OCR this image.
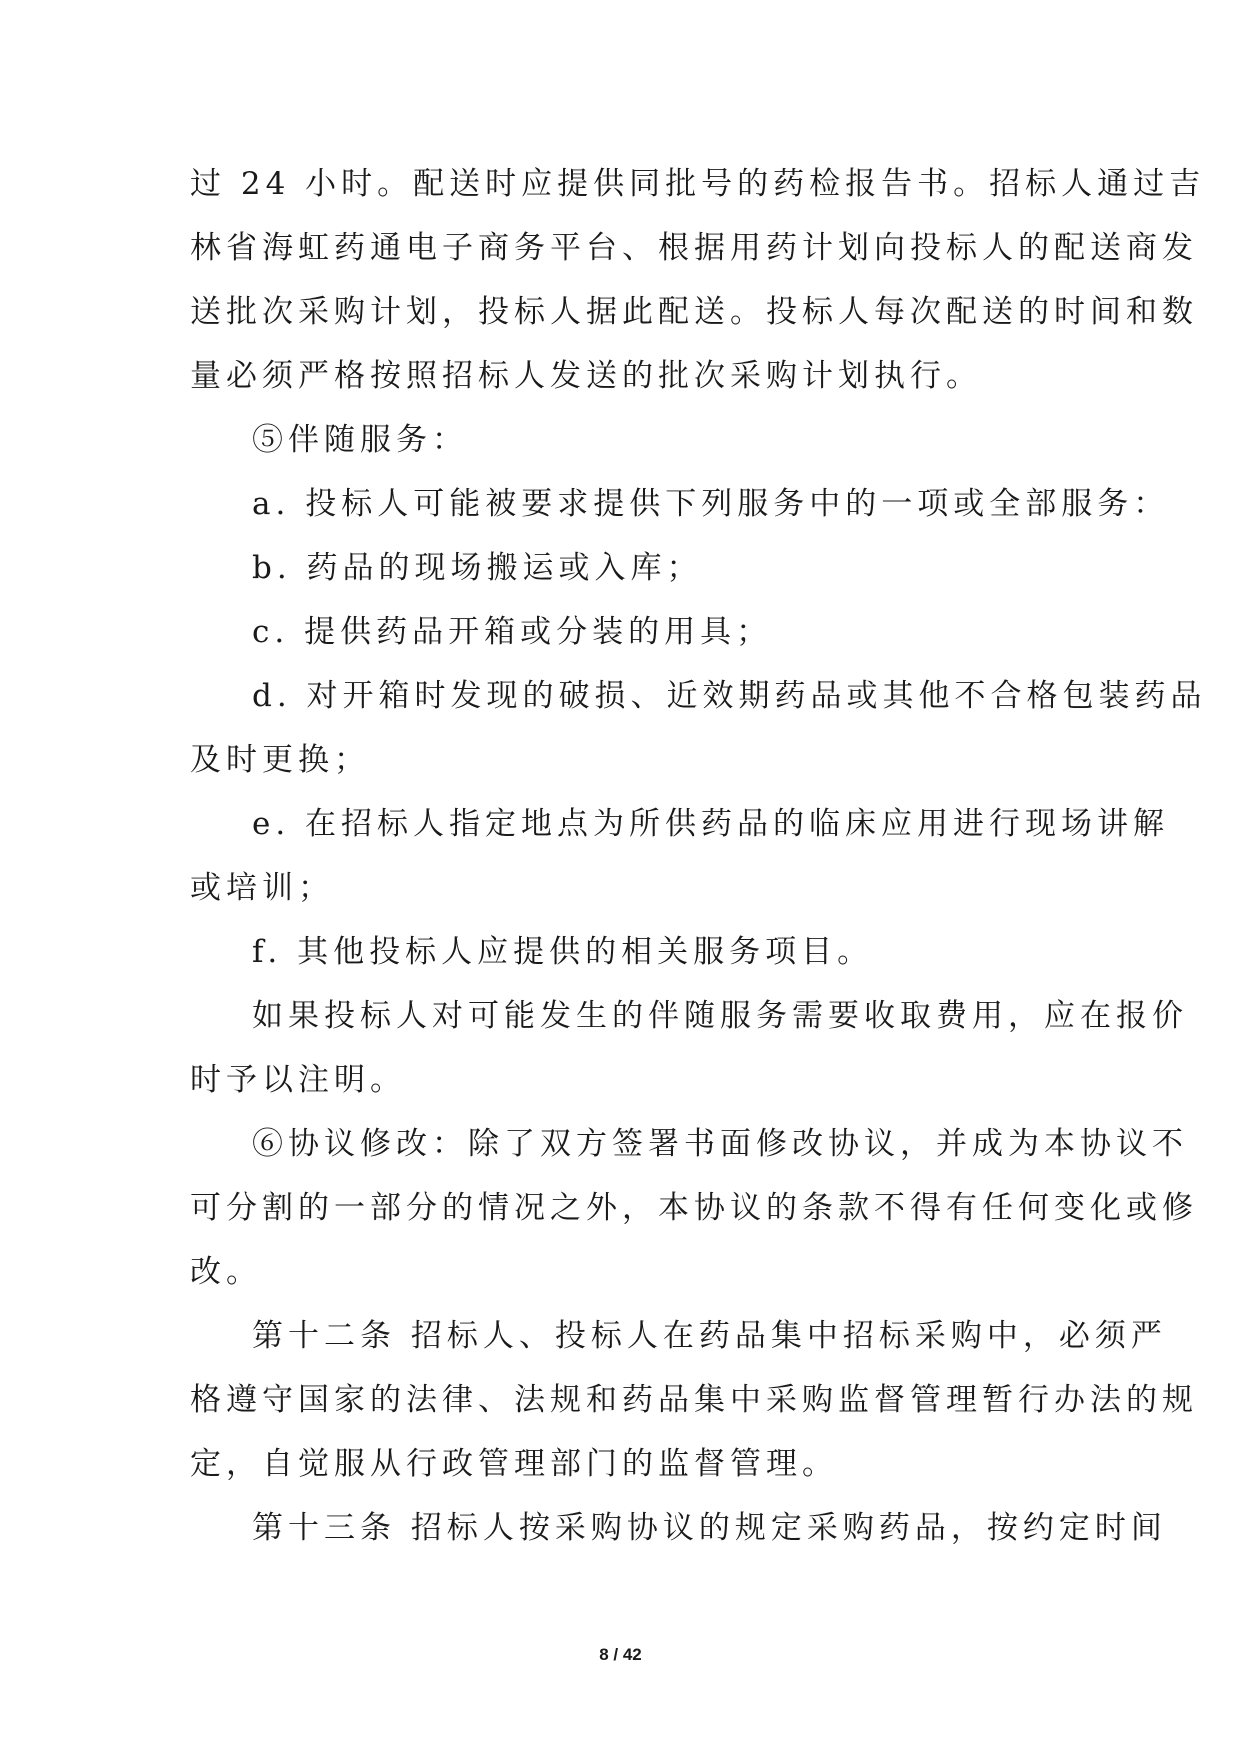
过 24 小时。配送时应提供同批号的药检报告书。招标人通过吉
林省海虹药通电子商务平台、根据用药计划向投标人的配送商发
送批次采购计划，投标人据此配送。投标人每次配送的时间和数
量必须严格按照招标人发送的批次采购计划执行。
⑤伴随服务：
a. 投标人可能被要求提供下列服务中的一项或全部服务：
b. 药品的现场搬运或入库；
c. 提供药品开箱或分装的用具；
d. 对开箱时发现的破损、近效期药品或其他不合格包装药品
及时更换；
e. 在招标人指定地点为所供药品的临床应用进行现场讲解
或培训；
f. 其他投标人应提供的相关服务项目。
如果投标人对可能发生的伴随服务需要收取费用，应在报价
时予以注明。
⑥协议修改：除了双方签署书面修改协议，并成为本协议不
可分割的一部分的情况之外，本协议的条款不得有任何变化或修
改。
第十二条 招标人、投标人在药品集中招标采购中，必须严
格遵守国家的法律、法规和药品集中采购监督管理暂行办法的规
定，自觉服从行政管理部门的监督管理。
第十三条 招标人按采购协议的规定采购药品，按约定时间
8 / 42
